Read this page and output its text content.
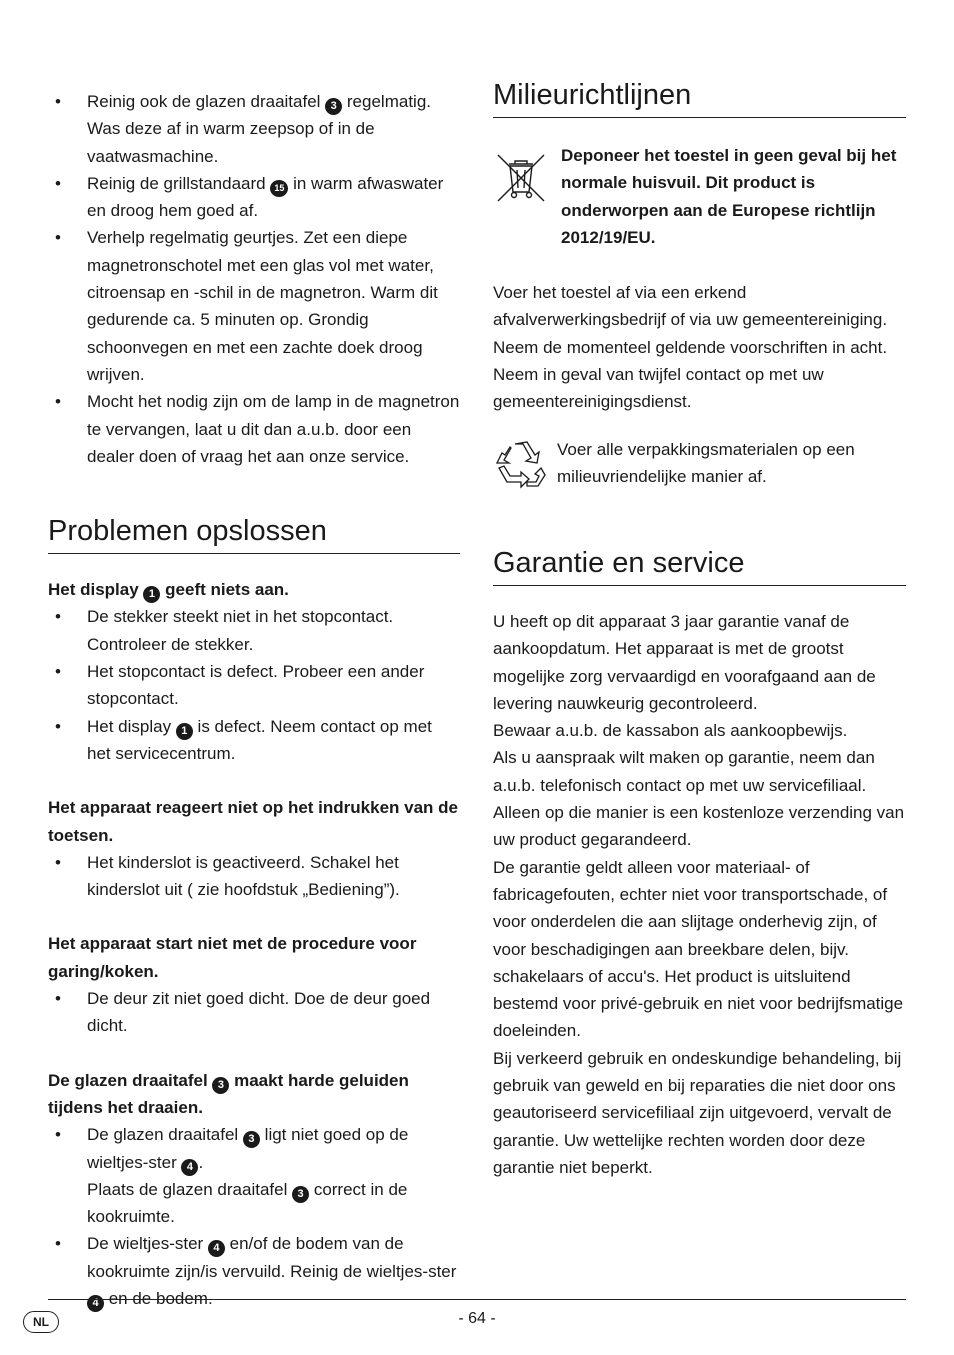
• Reinig ook de glazen draaitafel 3 regelmatig. Was deze af in warm zeepsop of in de vaatwasmachine.
• Reinig de grillstandaard 15 in warm afwaswater en droog hem goed af.
• Verhelp regelmatig geurtjes. Zet een diepe magnetronschotel met een glas vol met water, citroensap en -schil in de magnetron. Warm dit gedurende ca. 5 minuten op. Grondig schoonvegen en met een zachte doek droog wrijven.
• Mocht het nodig zijn om de lamp in de magnetron te vervangen, laat u dit dan a.u.b. door een dealer doen of vraag het aan onze service.
Problemen opslossen

Het display 1 geeft niets aan.

• De stekker steekt niet in het stopcontact. Controleer de stekker.
• Het stopcontact is defect. Probeer een ander stopcontact.
• Het display 1 is defect. Neem contact op met het servicecentrum.

Het apparaat reageert niet op het indrukken van de toetsen.

• Het kinderslot is geactiveerd. Schakel het kinderslot uit ( zie hoofdstuk „Bediening”).

Het apparaat start niet met de procedure voor garing/koken.

• De deur zit niet goed dicht. Doe de deur goed dicht.

De glazen draaitafel 3 maakt harde geluiden tijdens het draaien.

• De glazen draaitafel 3 ligt niet goed op de wieltjes-ster 4 .
Plaats de glazen draaitafel 3 correct in de kookruimte.
• De wieltjes-ster 4 en/of de bodem van de kookruimte zijn/is vervuild. Reinig de wieltjes-ster 4 en de bodem.
Milieurichtlijnen

Deponeer het toestel in geen geval bij het normale huisvuil. Dit product is onderworpen aan de Europese richtlijn 2012/19/EU.

Voer het toestel af via een erkend afvalverwerkingsbedrijf of via uw gemeentereiniging.

Neem de momenteel geldende voorschriften in acht. Neem in geval van twijfel contact op met uw gemeentereinigingsdienst.

Voer alle verpakkingsmaterialen op een milieuvriendelijke manier af.

Garantie en service

U heeft op dit apparaat 3 jaar garantie vanaf de aankoopdatum. Het apparaat is met de grootst mogelijke zorg vervaardigd en voorafgaand aan de levering nauwkeurig gecontroleerd.

Bewaar a.u.b. de kassabon als aankoopbewijs.

Als u aanspraak wilt maken op garantie, neem dan a.u.b. telefonisch contact op met uw servicefiliaal. Alleen op die manier is een kostenloze verzending van uw product gegarandeerd.

De garantie geldt alleen voor materiaal- of fabricagefouten, echter niet voor transportschade, of voor onderdelen die aan slijtage onderhevig zijn, of voor beschadigingen aan breekbare delen, bijv. schakelaars of accu's. Het product is uitsluitend bestemd voor privé-gebruik en niet voor bedrijfsmatige doeleinden.

Bij verkeerd gebruik en ondeskundige behandeling, bij gebruik van geweld en bij reparaties die niet door ons geautoriseerd servicefiliaal zijn uitgevoerd, vervalt de garantie. Uw wettelijke rechten worden door deze garantie niet beperkt.

NL	- 64 -
